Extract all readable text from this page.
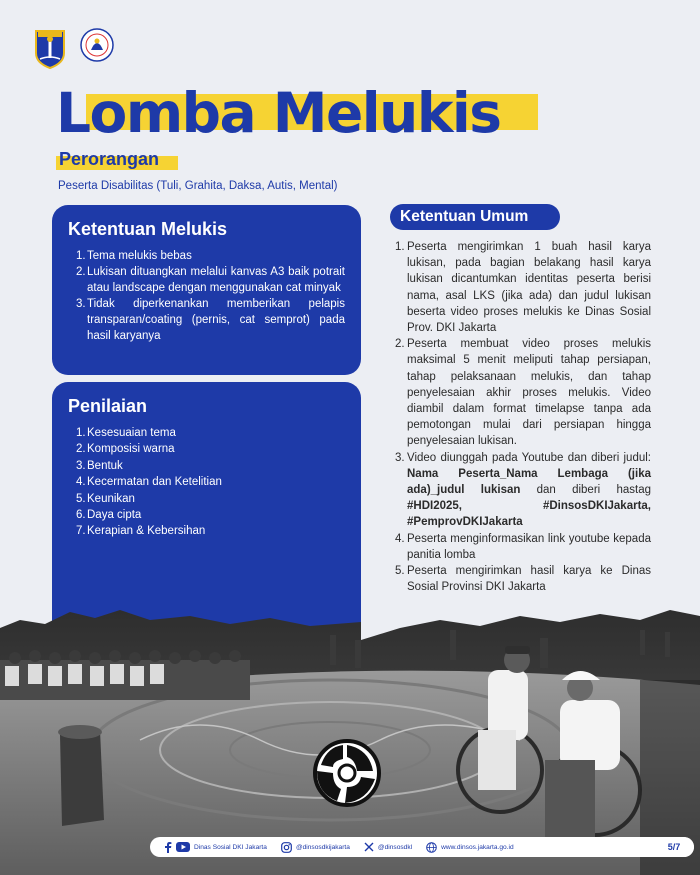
Lomba Melukis
Perorangan
Peserta Disabilitas (Tuli, Grahita, Daksa, Autis, Mental)
Ketentuan Melukis
1. Tema melukis bebas
2. Lukisan dituangkan melalui kanvas A3 baik potrait atau landscape dengan menggunakan cat minyak
3. Tidak diperkenankan memberikan pelapis transparan/coating (pernis, cat semprot) pada hasil karyanya
Penilaian
1. Kesesuaian tema
2. Komposisi warna
3. Bentuk
4. Kecermatan dan Ketelitian
5. Keunikan
6. Daya cipta
7. Kerapian & Kebersihan
Ketentuan Umum
1. Peserta mengirimkan 1 buah hasil karya lukisan, pada bagian belakang hasil karya lukisan dicantumkan identitas peserta berisi nama, asal LKS (jika ada) dan judul lukisan beserta video proses melukis ke Dinas Sosial Prov. DKI Jakarta
2. Peserta membuat video proses melukis maksimal 5 menit meliputi tahap persiapan, tahap pelaksanaan melukis, dan tahap penyelesaian akhir proses melukis. Video diambil dalam format timelapse tanpa ada pemotongan mulai dari persiapan hingga penyelesaian lukisan.
3. Video diunggah pada Youtube dan diberi judul: Nama Peserta_Nama Lembaga (jika ada)_judul lukisan dan diberi hastag #HDI2025, #DinsosDKIJakarta, #PemprovDKIJakarta
4. Peserta menginformasikan link youtube kepada panitia lomba
5. Peserta mengirimkan hasil karya ke Dinas Sosial Provinsi DKI Jakarta
Dinas Sosial DKI Jakarta	@dinsosdkijakarta	@dinsosdkl	www.dinsos.jakarta.go.id	5/7
